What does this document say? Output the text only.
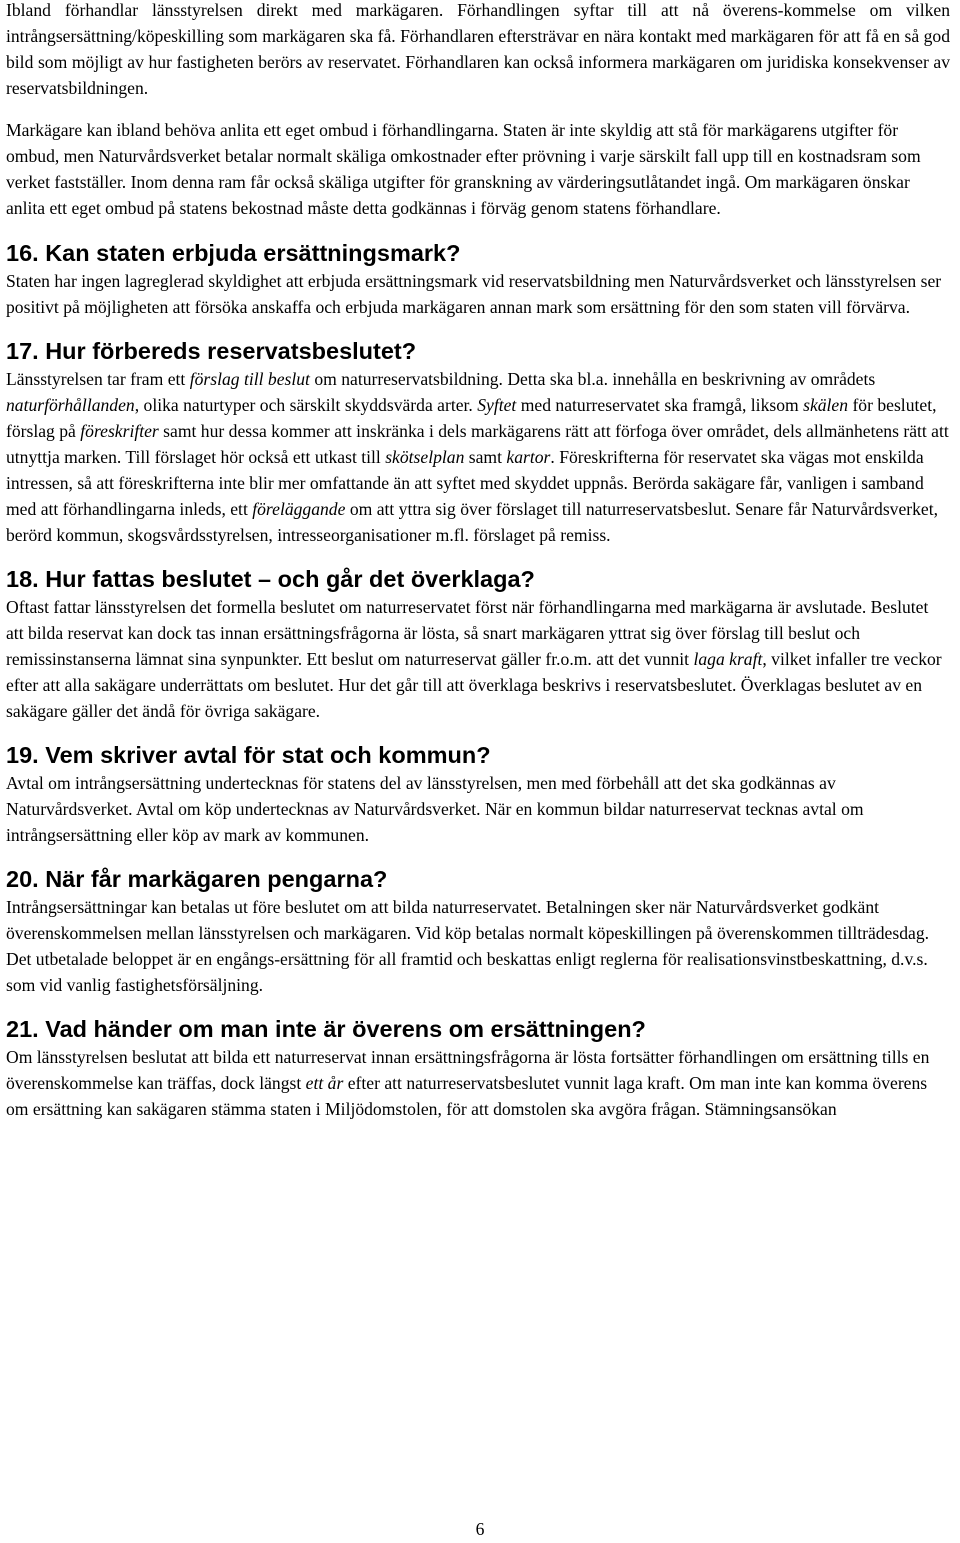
Ibland förhandlar länsstyrelsen direkt med markägaren. Förhandlingen syftar till att nå överens-kommelse om vilken intrångsersättning/köpeskilling som markägaren ska få. Förhandlaren eftersträvar en nära kontakt med markägaren för att få en så god bild som möjligt av hur fastigheten berörs av reservatet. Förhandlaren kan också informera markägaren om juridiska konsekvenser av reservatsbildningen.

Markägare kan ibland behöva anlita ett eget ombud i förhandlingarna. Staten är inte skyldig att stå för markägarens utgifter för ombud, men Naturvårdsverket betalar normalt skäliga omkostnader efter prövning i varje särskilt fall upp till en kostnadsram som verket fastställer. Inom denna ram får också skäliga utgifter för granskning av värderingsutlåtandet ingå. Om markägaren önskar anlita ett eget ombud på statens bekostnad måste detta godkännas i förväg genom statens förhandlare.

16. Kan staten erbjuda ersättningsmark?

Staten har ingen lagreglerad skyldighet att erbjuda ersättningsmark vid reservatsbildning men Naturvårdsverket och länsstyrelsen ser positivt på möjligheten att försöka anskaffa och erbjuda markägaren annan mark som ersättning för den som staten vill förvärva.

17. Hur förbereds reservatsbeslutet?

Länsstyrelsen tar fram ett förslag till beslut om naturreservatsbildning. Detta ska bl.a. innehålla en beskrivning av områdets naturförhållanden, olika naturtyper och särskilt skyddsvärda arter. Syftet med naturreservatet ska framgå, liksom skälen för beslutet, förslag på föreskrifter samt hur dessa kommer att inskränka i dels markägarens rätt att förfoga över området, dels allmänhetens rätt att utnyttja marken. Till förslaget hör också ett utkast till skötselplan samt kartor. Föreskrifterna för reservatet ska vägas mot enskilda intressen, så att föreskrifterna inte blir mer omfattande än att syftet med skyddet uppnås. Berörda sakägare får, vanligen i samband med att förhandlingarna inleds, ett föreläggande om att yttra sig över förslaget till naturreservatsbeslut. Senare får Naturvårdsverket, berörd kommun, skogsvårdsstyrelsen, intresseorganisationer m.fl. förslaget på remiss.

18. Hur fattas beslutet – och går det överklaga?

Oftast fattar länsstyrelsen det formella beslutet om naturreservatet först när förhandlingarna med markägarna är avslutade. Beslutet att bilda reservat kan dock tas innan ersättningsfrågorna är lösta, så snart markägaren yttrat sig över förslag till beslut och remissinstanserna lämnat sina synpunkter. Ett beslut om naturreservat gäller fr.o.m. att det vunnit laga kraft, vilket infaller tre veckor efter att alla sakägare underrättats om beslutet. Hur det går till att överklaga beskrivs i reservatsbeslutet. Överklagas beslutet av en sakägare gäller det ändå för övriga sakägare.

19. Vem skriver avtal för stat och kommun?

Avtal om intrångsersättning undertecknas för statens del av länsstyrelsen, men med förbehåll att det ska godkännas av Naturvårdsverket. Avtal om köp undertecknas av Naturvårdsverket. När en kommun bildar naturreservat tecknas avtal om intrångsersättning eller köp av mark av kommunen.

20. När får markägaren pengarna?

Intrångsersättningar kan betalas ut före beslutet om att bilda naturreservatet. Betalningen sker när Naturvårdsverket godkänt överenskommelsen mellan länsstyrelsen och markägaren. Vid köp betalas normalt köpeskillingen på överenskommen tillträdesdag. Det utbetalade beloppet är en engångs-ersättning för all framtid och beskattas enligt reglerna för realisationsvinstbeskattning, d.v.s. som vid vanlig fastighetsförsäljning.

21. Vad händer om man inte är överens om ersättningen?

Om länsstyrelsen beslutat att bilda ett naturreservat innan ersättningsfrågorna är lösta fortsätter förhandlingen om ersättning tills en överenskommelse kan träffas, dock längst ett år efter att naturreservatsbeslutet vunnit laga kraft. Om man inte kan komma överens om ersättning kan sakägaren stämma staten i Miljödomstolen, för att domstolen ska avgöra frågan. Stämningsansökan

6
